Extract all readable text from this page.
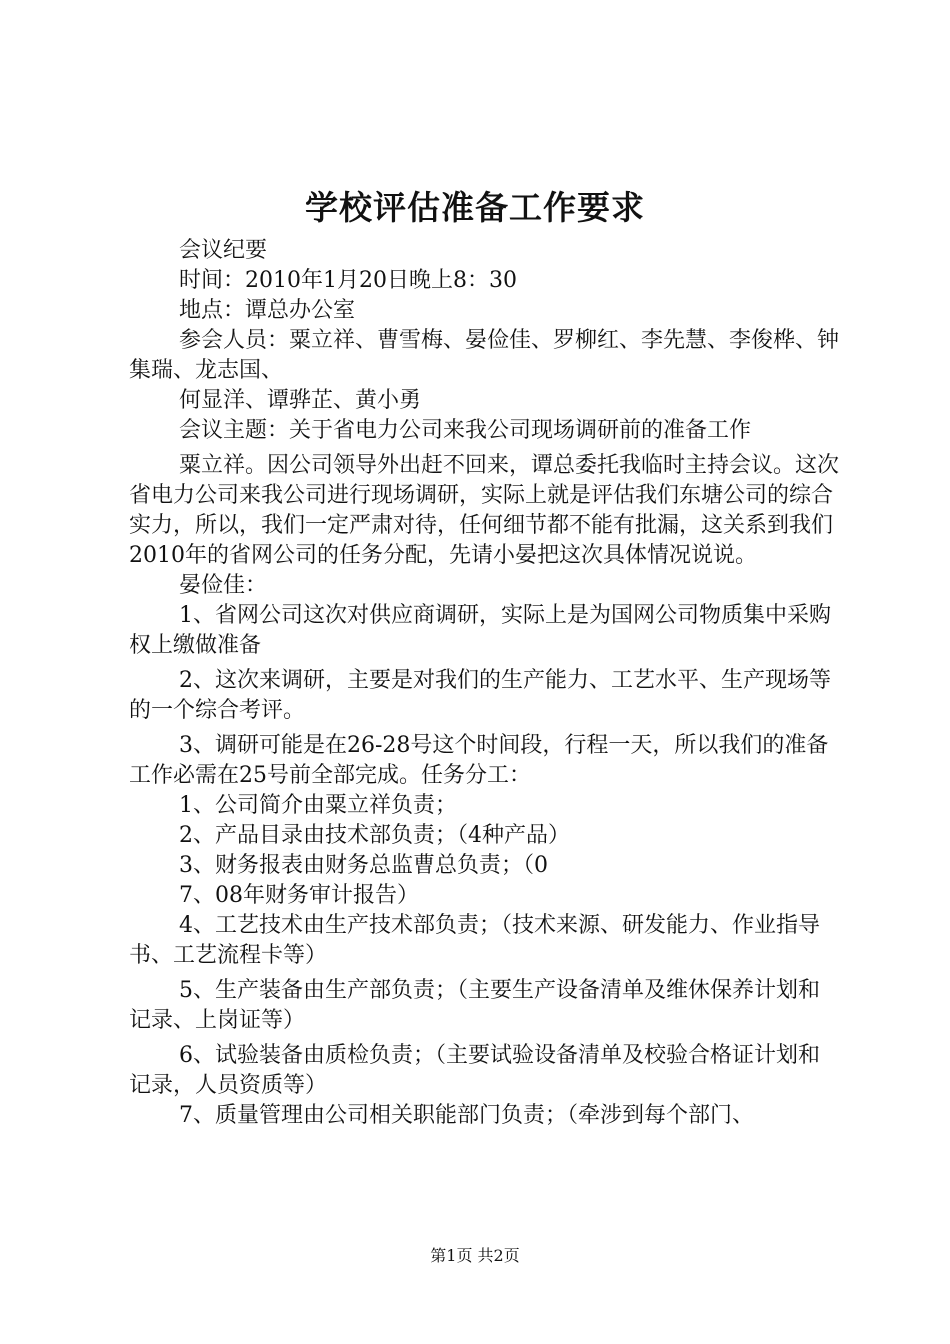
学校评估准备工作要求

会议纪要

时间：2010年1月20日晚上8：30

地点：谭总办公室

参会人员：粟立祥、曹雪梅、晏俭佳、罗柳红、李先慧、李俊桦、钟集瑞、龙志国、

何显洋、谭骅芷、黄小勇

会议主题：关于省电力公司来我公司现场调研前的准备工作

粟立祥。因公司领导外出赶不回来，谭总委托我临时主持会议。这次省电力公司来我公司进行现场调研，实际上就是评估我们东塘公司的综合实力，所以，我们一定严肃对待，任何细节都不能有批漏，这关系到我们2010年的省网公司的任务分配，先请小晏把这次具体情况说说。

晏俭佳：

1、省网公司这次对供应商调研，实际上是为国网公司物质集中采购权上缴做准备

2、这次来调研，主要是对我们的生产能力、工艺水平、生产现场等的一个综合考评。

3、调研可能是在26-28号这个时间段，行程一天，所以我们的准备工作必需在25号前全部完成。任务分工：

1、公司简介由粟立祥负责；

2、产品目录由技术部负责；（4种产品）

3、财务报表由财务总监曹总负责；（0

7、08年财务审计报告）

4、工艺技术由生产技术部负责；（技术来源、研发能力、作业指导书、工艺流程卡等）

5、生产装备由生产部负责；（主要生产设备清单及维休保养计划和记录、上岗证等）

6、试验装备由质检负责；（主要试验设备清单及校验合格证计划和记录，人员资质等）

7、质量管理由公司相关职能部门负责；（牵涉到每个部门、

第1页 共2页
